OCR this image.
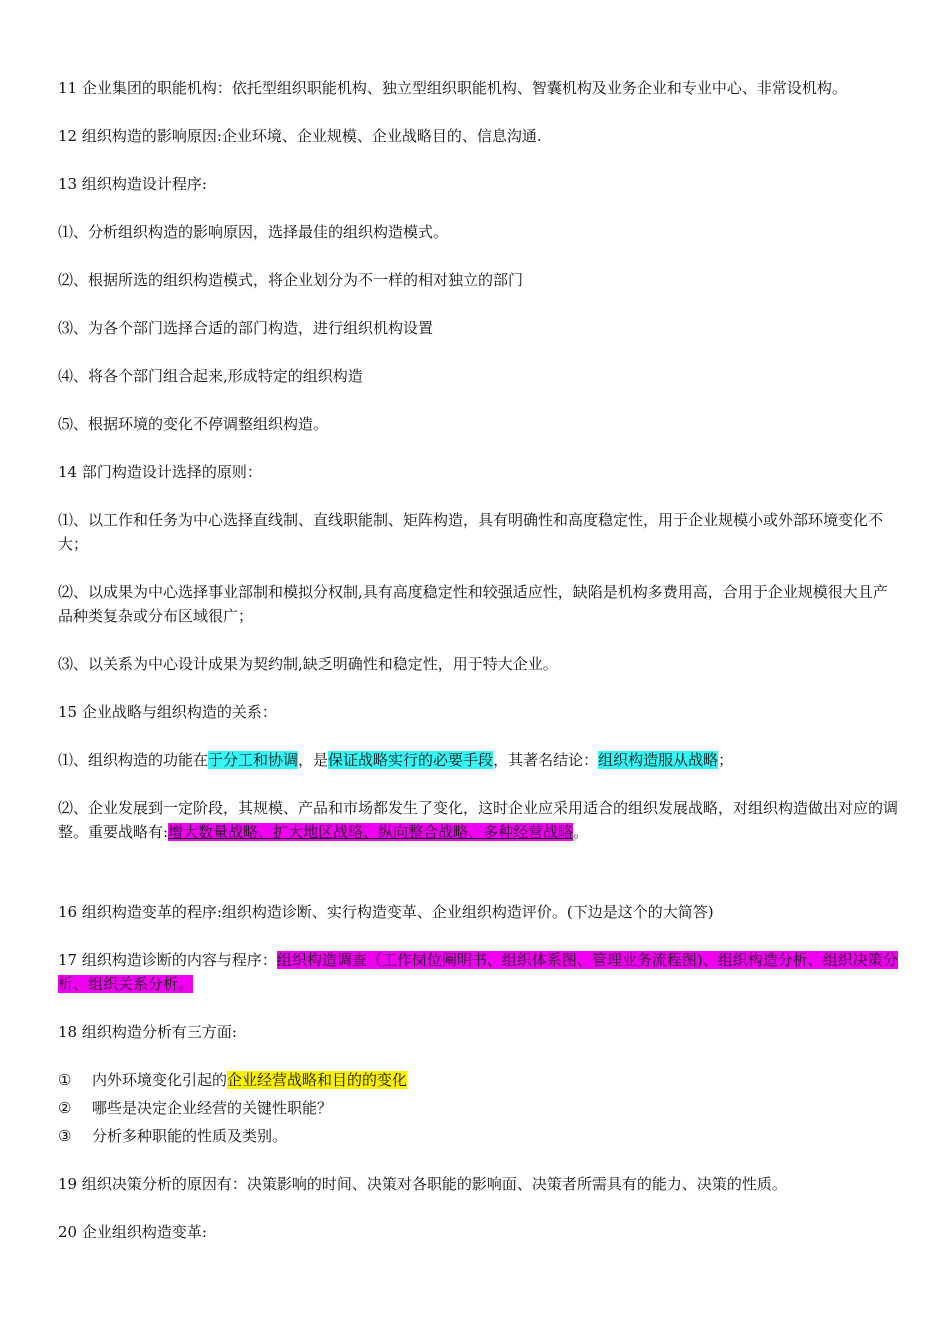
11 企业集团的职能机构：依托型组织职能机构、独立型组织职能机构、智囊机构及业务企业和专业中心、非常设机构。

12 组织构造的影响原因:企业环境、企业规模、企业战略目的、信息沟通.

13 组织构造设计程序:

⑴、分析组织构造的影响原因，选择最佳的组织构造模式。

⑵、根据所选的组织构造模式，将企业划分为不一样的相对独立的部门

⑶、为各个部门选择合适的部门构造，进行组织机构设置

⑷、将各个部门组合起来,形成特定的组织构造

⑸、根据环境的变化不停调整组织构造。

14 部门构造设计选择的原则：

⑴、以工作和任务为中心选择直线制、直线职能制、矩阵构造，具有明确性和高度稳定性，用于企业规模小或外部环境变化不大；

⑵、以成果为中心选择事业部制和模拟分权制,具有高度稳定性和较强适应性，缺陷是机构多费用高，合用于企业规模很大且产品种类复杂或分布区域很广；

⑶、以关系为中心设计成果为契约制,缺乏明确性和稳定性，用于特大企业。

15 企业战略与组织构造的关系：

⑴、组织构造的功能在于分工和协调，是保证战略实行的必要手段，其著名结论：组织构造服从战略；

⑵、企业发展到一定阶段，其规模、产品和市场都发生了变化，这时企业应采用适合的组织发展战略，对组织构造做出对应的调整。重要战略有:增大数量战略、扩大地区战略、纵向整合战略、多种经营战略。

16 组织构造变革的程序:组织构造诊断、实行构造变革、企业组织构造评价。(下边是这个的大简答)

17 组织构造诊断的内容与程序：组织构造调查（工作岗位阐明书、组织体系图、管理业务流程图)、组织构造分析、组织决策分析、组织关系分析。

18 组织构造分析有三方面:

① 内外环境变化引起的企业经营战略和目的的变化

② 哪些是决定企业经营的关键性职能？

③ 分析多种职能的性质及类别。

19 组织决策分析的原因有：决策影响的时间、决策对各职能的影响面、决策者所需具有的能力、决策的性质。

20 企业组织构造变革:
